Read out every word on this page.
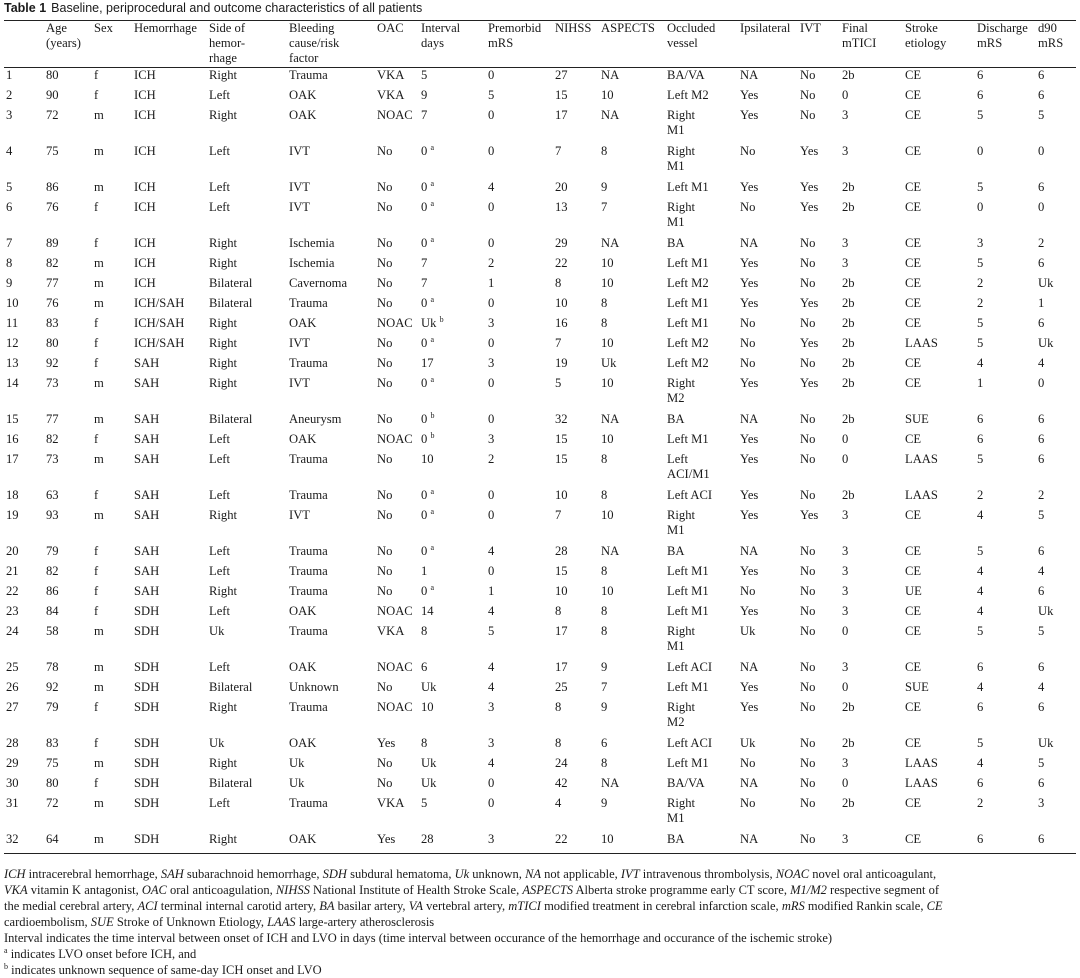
Table 1 Baseline, periprocedural and outcome characteristics of all patients

	Age
(years)	Sex	Hemorrhage	Side of
hemor-
rhage	Bleeding
cause/risk
factor	OAC	Interval
days	Premorbid
mRS	NIHSS	ASPECTS	Occluded
vessel	Ipsilateral	IVT	Final
mTICI	Stroke
etiology	Discharge
mRS	d90
mRS

1	80	f	ICH	Right	Trauma	VKA	5	0	27	NA	BA/VA	NA	No	2b	CE	6	6
2	90	f	ICH	Left	OAK	VKA	9	5	15	10	Left M2	Yes	No	0	CE	6	6
3	72	m	ICH	Right	OAK	NOAC	7	0	17	NA	Right
M1	Yes	No	3	CE	5	5
4	75	m	ICH	Left	IVT	No	0 $^a$	0	7	8	Right
M1	No	Yes	3	CE	0	0
5	86	m	ICH	Left	IVT	No	0 $^a$	4	20	9	Left M1	Yes	Yes	2b	CE	5	6
6	76	f	ICH	Left	IVT	No	0 $^a$	0	13	7	Right
M1	No	Yes	2b	CE	0	0
7	89	f	ICH	Right	Ischemia	No	0 $^a$	0	29	NA	BA	NA	No	3	CE	3	2
8	82	m	ICH	Right	Ischemia	No	7	2	22	10	Left M1	Yes	No	3	CE	5	6
9	77	m	ICH	Bilateral	Cavernoma	No	7	1	8	10	Left M2	Yes	No	2b	CE	2	Uk
10	76	m	ICH/SAH	Bilateral	Trauma	No	0 $^a$	0	10	8	Left M1	Yes	Yes	2b	CE	2	1
11	83	f	ICH/SAH	Right	OAK	NOAC	Uk $^b$	3	16	8	Left M1	No	No	2b	CE	5	6
12	80	f	ICH/SAH	Right	IVT	No	0 $^a$	0	7	10	Left M2	No	Yes	2b	LAAS	5	Uk
13	92	f	SAH	Right	Trauma	No	17	3	19	Uk	Left M2	No	No	2b	CE	4	4
14	73	m	SAH	Right	IVT	No	0 $^a$	0	5	10	Right
M2	Yes	Yes	2b	CE	1	0
15	77	m	SAH	Bilateral	Aneurysm	No	0 $^b$	0	32	NA	BA	NA	No	2b	SUE	6	6
16	82	f	SAH	Left	OAK	NOAC	0 $^b$	3	15	10	Left M1	Yes	No	0	CE	6	6
17	73	m	SAH	Left	Trauma	No	10	2	15	8	Left
ACI/M1	Yes	No	0	LAAS	5	6
18	63	f	SAH	Left	Trauma	No	0 $^a$	0	10	8	Left ACI	Yes	No	2b	LAAS	2	2
19	93	m	SAH	Right	IVT	No	0 $^a$	0	7	10	Right
M1	Yes	Yes	3	CE	4	5
20	79	f	SAH	Left	Trauma	No	0 $^a$	4	28	NA	BA	NA	No	3	CE	5	6
21	82	f	SAH	Left	Trauma	No	1	0	15	8	Left M1	Yes	No	3	CE	4	4
22	86	f	SAH	Right	Trauma	No	0 $^a$	1	10	10	Left M1	No	No	3	UE	4	6
23	84	f	SDH	Left	OAK	NOAC	14	4	8	8	Left M1	Yes	No	3	CE	4	Uk
24	58	m	SDH	Uk	Trauma	VKA	8	5	17	8	Right
M1	Uk	No	0	CE	5	5
25	78	m	SDH	Left	OAK	NOAC	6	4	17	9	Left ACI	NA	No	3	CE	6	6
26	92	m	SDH	Bilateral	Unknown	No	Uk	4	25	7	Left M1	Yes	No	0	SUE	4	4
27	79	f	SDH	Right	Trauma	NOAC	10	3	8	9	Right
M2	Yes	No	2b	CE	6	6
28	83	f	SDH	Uk	OAK	Yes	8	3	8	6	Left ACI	Uk	No	2b	CE	5	Uk
29	75	m	SDH	Right	Uk	No	Uk	4	24	8	Left M1	No	No	3	LAAS	4	5
30	80	f	SDH	Bilateral	Uk	No	Uk	0	42	NA	BA/VA	NA	No	0	LAAS	6	6
31	72	m	SDH	Left	Trauma	VKA	5	0	4	9	Right
M1	No	No	2b	CE	2	3
32	64	m	SDH	Right	OAK	Yes	28	3	22	10	BA	NA	No	3	CE	6	6
ICH intracerebral hemorrhage, SAH subarachnoid hemorrhage, SDH subdural hematoma, Uk unknown, NA not applicable, IVT intravenous thrombolysis, NOAC novel oral anticoagulant,
VKA vitamin K antagonist, OAC oral anticoagulation, NIHSS National Institute of Health Stroke Scale, ASPECTS Alberta stroke programme early CT score, M1/M2 respective segment of
the medial cerebral artery, ACI terminal internal carotid artery, BA basilar artery, VA vertebral artery, mTICI modified treatment in cerebral infarction scale, mRS modified Rankin scale, CE
cardioembolism, SUE Stroke of Unknown Etiology, LAAS large-artery atherosclerosis
Interval indicates the time interval between onset of ICH and LVO in days (time interval between occurance of the hemorrhage and occurance of the ischemic stroke)
$^a$ indicates LVO onset before ICH, and
$^b$ indicates unknown sequence of same-day ICH onset and LVO
